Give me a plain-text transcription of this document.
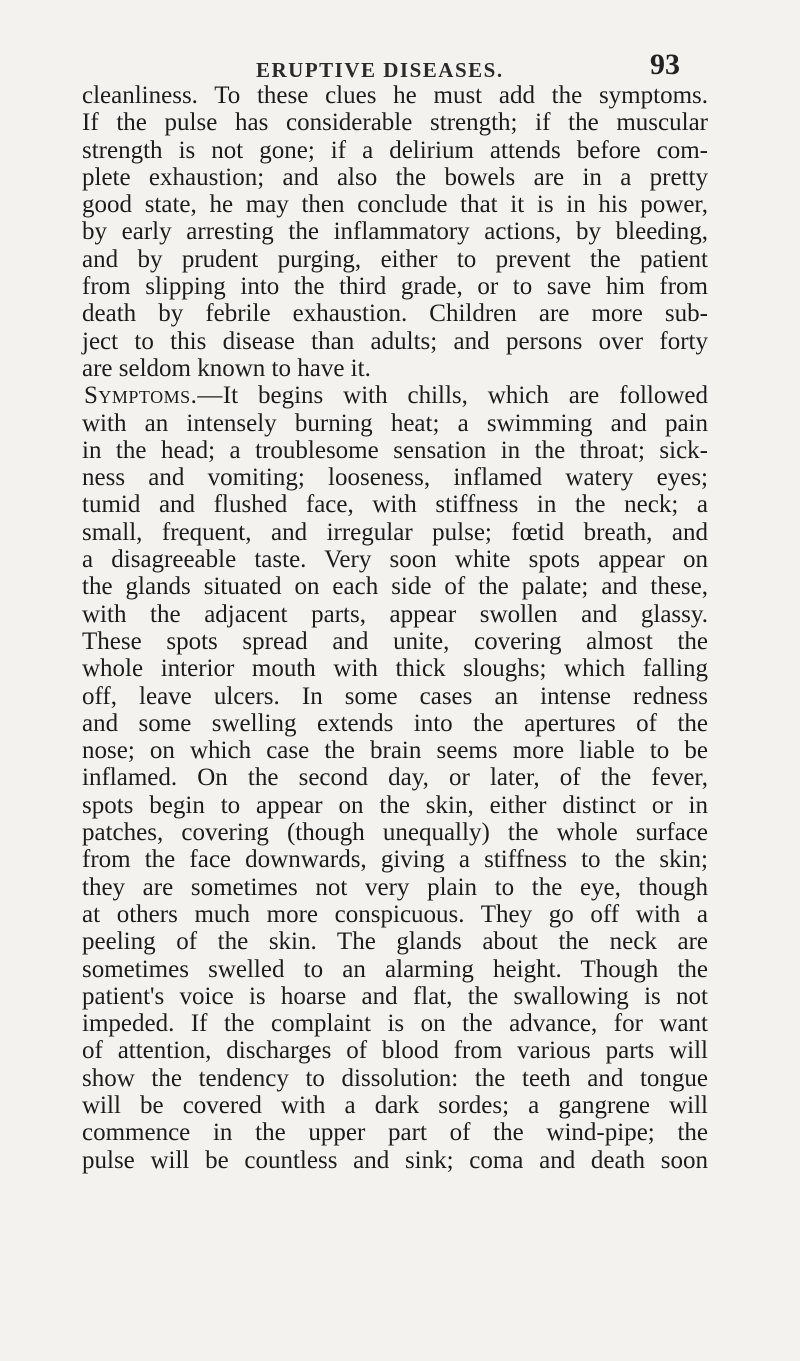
ERUPTIVE DISEASES.	93
cleanliness. To these clues he must add the symptoms.
If the pulse has considerable strength; if the muscular
strength is not gone; if a delirium attends before com-
plete exhaustion; and also the bowels are in a pretty
good state, he may then conclude that it is in his power,
by early arresting the inflammatory actions, by bleeding,
and by prudent purging, either to prevent the patient
from slipping into the third grade, or to save him from
death by febrile exhaustion. Children are more sub-
ject to this disease than adults; and persons over forty
are seldom known to have it.
Symptoms.—It begins with chills, which are followed
with an intensely burning heat; a swimming and pain
in the head; a troublesome sensation in the throat; sick-
ness and vomiting; looseness, inflamed watery eyes;
tumid and flushed face, with stiffness in the neck; a
small, frequent, and irregular pulse; fœtid breath, and
a disagreeable taste. Very soon white spots appear on
the glands situated on each side of the palate; and these,
with the adjacent parts, appear swollen and glassy.
These spots spread and unite, covering almost the
whole interior mouth with thick sloughs; which falling
off, leave ulcers. In some cases an intense redness
and some swelling extends into the apertures of the
nose; on which case the brain seems more liable to be
inflamed. On the second day, or later, of the fever,
spots begin to appear on the skin, either distinct or in
patches, covering (though unequally) the whole surface
from the face downwards, giving a stiffness to the skin;
they are sometimes not very plain to the eye, though
at others much more conspicuous. They go off with a
peeling of the skin. The glands about the neck are
sometimes swelled to an alarming height. Though the
patient's voice is hoarse and flat, the swallowing is not
impeded. If the complaint is on the advance, for want
of attention, discharges of blood from various parts will
show the tendency to dissolution: the teeth and tongue
will be covered with a dark sordes; a gangrene will
commence in the upper part of the wind-pipe; the
pulse will be countless and sink; coma and death soon
